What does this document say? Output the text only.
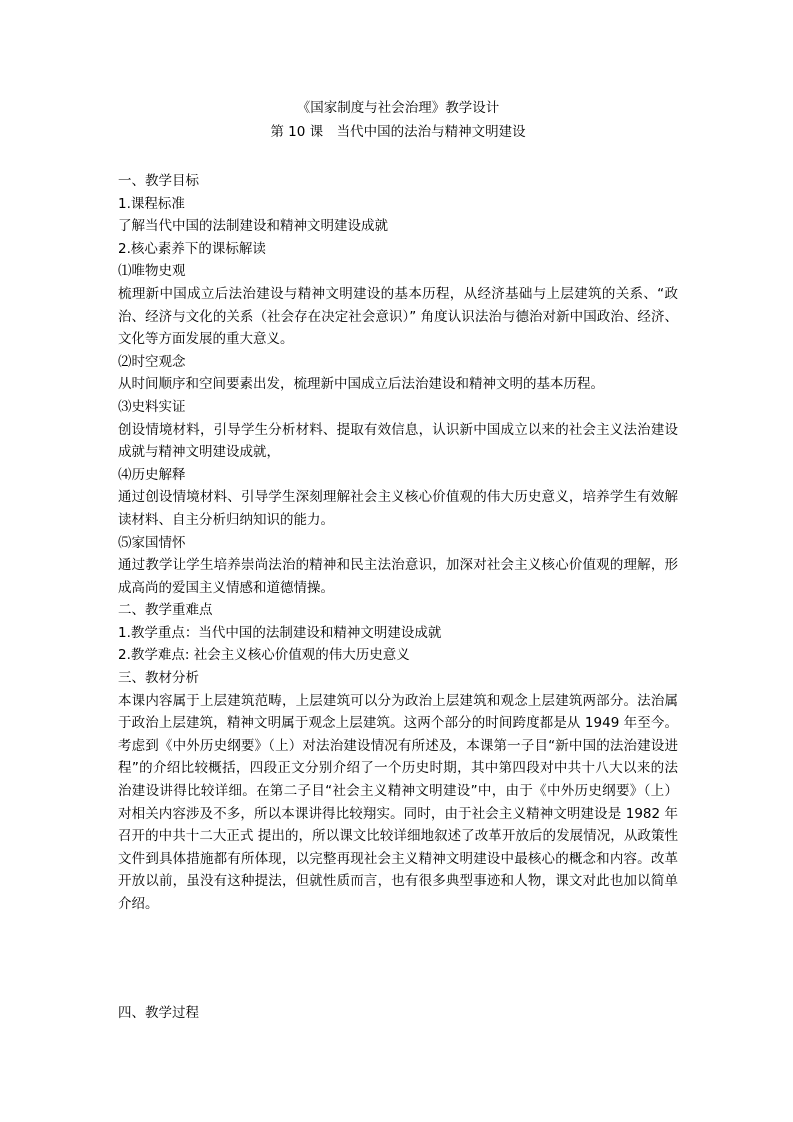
《国家制度与社会治理》教学设计
第 10 课　当代中国的法治与精神文明建设
一、教学目标
1.课程标准
了解当代中国的法制建设和精神文明建设成就
2.核心素养下的课标解读
⑴唯物史观
梳理新中国成立后法治建设与精神文明建设的基本历程，从经济基础与上层建筑的关系、“政治、经济与文化的关系（社会存在决定社会意识）” 角度认识法治与德治对新中国政治、经济、文化等方面发展的重大意义。
⑵时空观念
从时间顺序和空间要素出发，梳理新中国成立后法治建设和精神文明的基本历程。
⑶史料实证
创设情境材料，引导学生分析材料、提取有效信息，认识新中国成立以来的社会主义法治建设成就与精神文明建设成就，
⑷历史解释
通过创设情境材料、引导学生深刻理解社会主义核心价值观的伟大历史意义，培养学生有效解读材料、自主分析归纳知识的能力。
⑸家国情怀
通过教学让学生培养崇尚法治的精神和民主法治意识，加深对社会主义核心价值观的理解，形成高尚的爱国主义情感和道德情操。
二、教学重难点
1.教学重点：当代中国的法制建设和精神文明建设成就
2.教学难点: 社会主义核心价值观的伟大历史意义
三、教材分析
本课内容属于上层建筑范畴，上层建筑可以分为政治上层建筑和观念上层建筑两部分。法治属于政治上层建筑，精神文明属于观念上层建筑。这两个部分的时间跨度都是从 1949 年至今。考虑到《中外历史纲要》（上）对法治建设情况有所述及，本课第一子目“新中国的法治建设进程”的介绍比较概括，四段正文分别介绍了一个历史时期，其中第四段对中共十八大以来的法治建设讲得比较详细。在第二子目“社会主义精神文明建设”中，由于《中外历史纲要》（上）对相关内容涉及不多，所以本课讲得比较翔实。同时，由于社会主义精神文明建设是 1982 年召开的中共十二大正式 提出的，所以课文比较详细地叙述了改革开放后的发展情况，从政策性文件到具体措施都有所体现，以完整再现社会主义精神文明建设中最核心的概念和内容。改革开放以前，虽没有这种提法，但就性质而言，也有很多典型事迹和人物，课文对此也加以简单介绍。
四、教学过程
